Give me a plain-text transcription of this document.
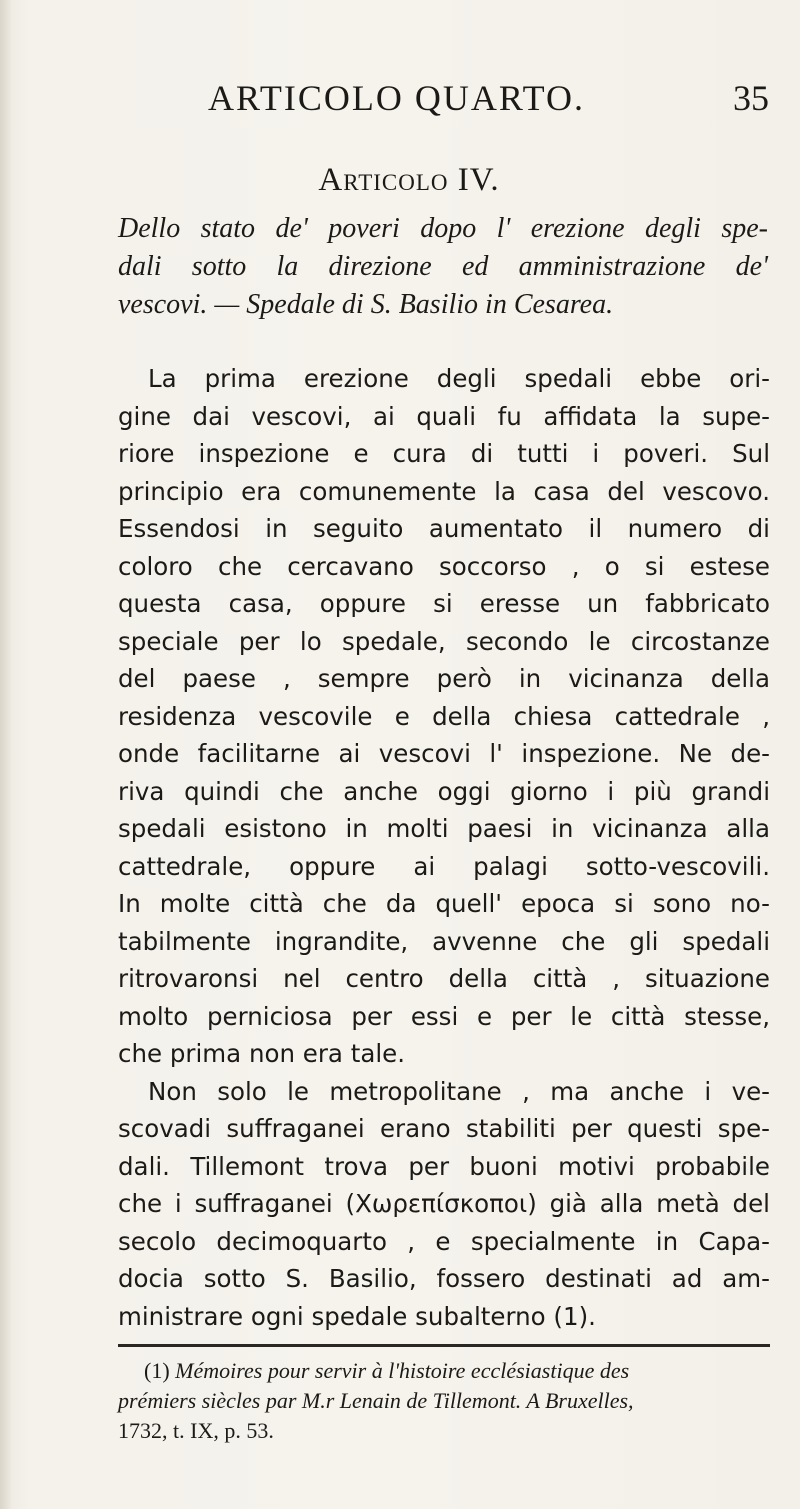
ARTICOLO QUARTO.	35
Articolo IV.
Dello stato de' poveri dopo l' erezione degli spe-
dali sotto la direzione ed amministrazione de'
vescovi. — Spedale di S. Basilio in Cesarea.
La prima erezione degli spedali ebbe ori-
gine dai vescovi, ai quali fu affidata la supe-
riore inspezione e cura di tutti i poveri. Sul
principio era comunemente la casa del vescovo.
Essendosi in seguito aumentato il numero di
coloro che cercavano soccorso , o si estese
questa casa, oppure si eresse un fabbricato
speciale per lo spedale, secondo le circostanze
del paese , sempre però in vicinanza della
residenza vescovile e della chiesa cattedrale ,
onde facilitarne ai vescovi l' inspezione. Ne de-
riva quindi che anche oggi giorno i più grandi
spedali esistono in molti paesi in vicinanza alla
cattedrale, oppure ai palagi sotto-vescovili.
In molte città che da quell' epoca si sono no-
tabilmente ingrandite, avvenne che gli spedali
ritrovaronsi nel centro della città , situazione
molto perniciosa per essi e per le città stesse,
che prima non era tale.
Non solo le metropolitane , ma anche i ve-
scovadi suffraganei erano stabiliti per questi spe-
dali. Tillemont trova per buoni motivi probabile
che i suffraganei (Χωρεπίσκοποι) già alla metà del
secolo decimoquarto , e specialmente in Capa-
docia sotto S. Basilio, fossero destinati ad am-
ministrare ogni spedale subalterno (1).
(1) Mémoires pour servir à l'histoire ecclésiastique des
prémiers siècles par M.r Lenain de Tillemont. A Bruxelles,
1732, t. IX, p. 53.
